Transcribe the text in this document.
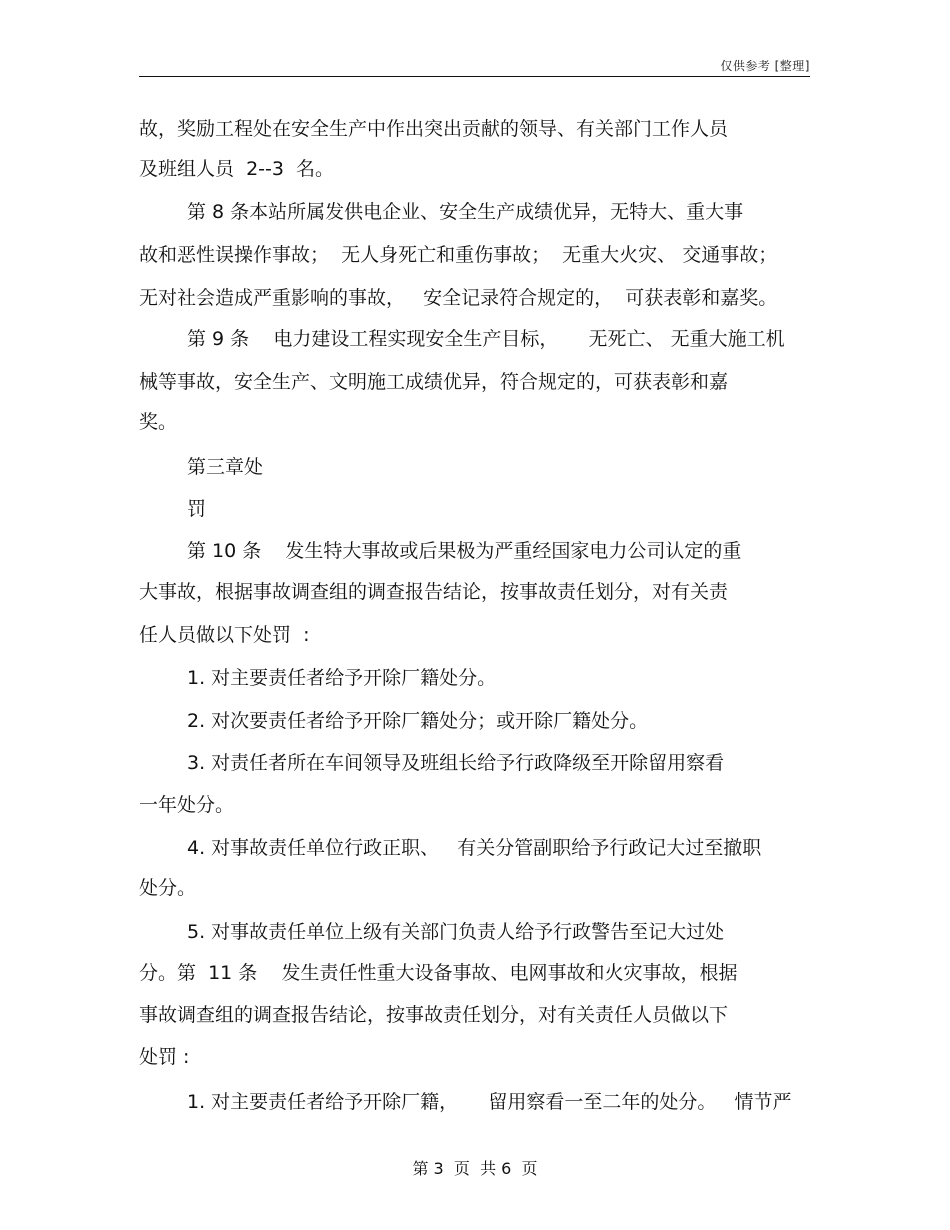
仅供参考 [整理]
故，奖励工程处在安全生产中作出突出贡献的领导、有关部门工作人员
及班组人员  2--3  名。
第 8 条本站所属发供电企业、安全生产成绩优异，无特大、重大事
故和恶性误操作事故；  无人身死亡和重伤事故；  无重大火灾、 交通事故；
无对社会造成严重影响的事故，   安全记录符合规定的，  可获表彰和嘉奖。
第 9 条    电力建设工程实现安全生产目标，     无死亡、 无重大施工机
械等事故，安全生产、文明施工成绩优异，符合规定的，可获表彰和嘉
奖。
第三章处
罚
第 10 条    发生特大事故或后果极为严重经国家电力公司认定的重
大事故，根据事故调查组的调查报告结论，按事故责任划分，对有关责
任人员做以下处罚  :
1. 对主要责任者给予开除厂籍处分。
2. 对次要责任者给予开除厂籍处分；或开除厂籍处分。
3. 对责任者所在车间领导及班组长给予行政降级至开除留用察看
一年处分。
4. 对事故责任单位行政正职、   有关分管副职给予行政记大过至撤职
处分。
5. 对事故责任单位上级有关部门负责人给予行政警告至记大过处
分。第  11 条    发生责任性重大设备事故、电网事故和火灾事故，根据
事故调查组的调查报告结论，按事故责任划分，对有关责任人员做以下
处罚 :
1. 对主要责任者给予开除厂籍，     留用察看一至二年的处分。   情节严
第 3  页  共 6  页
